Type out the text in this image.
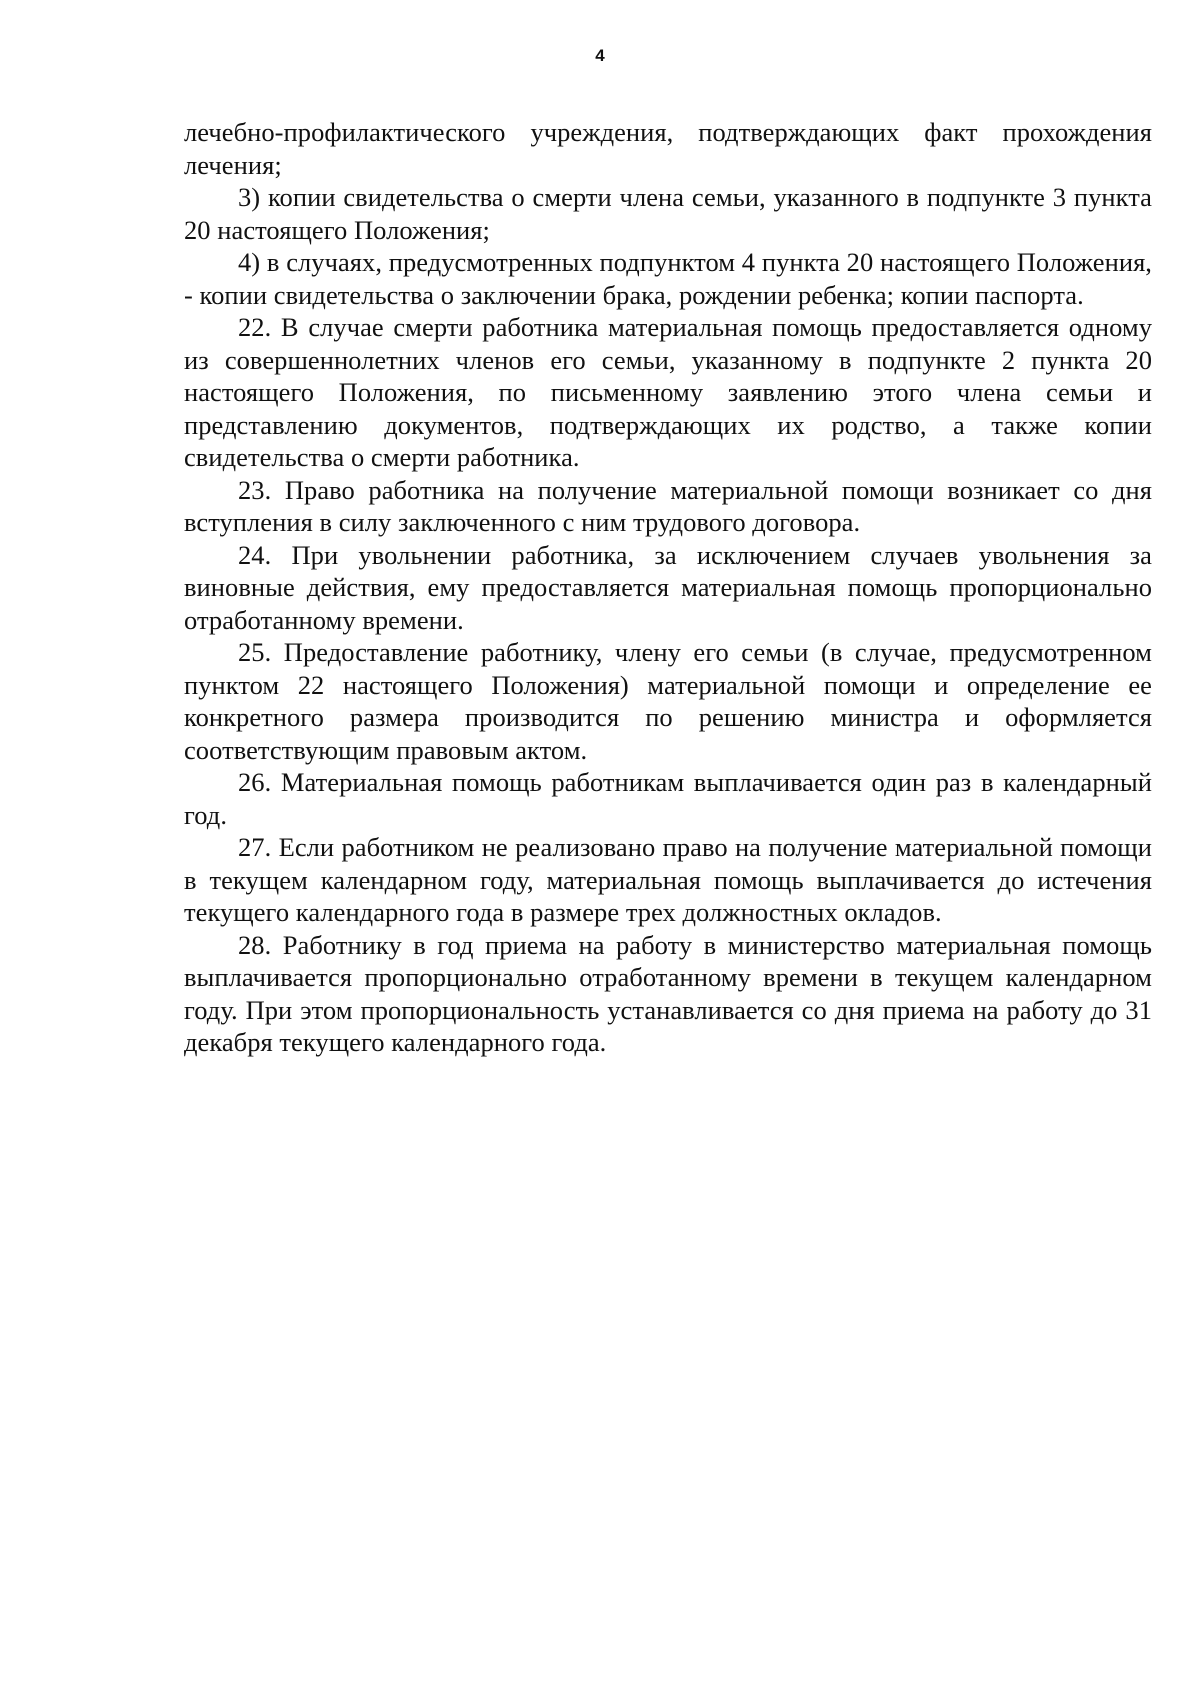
4

лечебно-профилактического учреждения, подтверждающих факт прохождения лечения;

3) копии свидетельства о смерти члена семьи, указанного в подпункте 3 пункта 20 настоящего Положения;

4) в случаях, предусмотренных подпунктом 4 пункта 20 настоящего Положения, - копии свидетельства о заключении брака, рождении ребенка; копии паспорта.

22. В случае смерти работника материальная помощь предоставляется одному из совершеннолетних членов его семьи, указанному в подпункте 2 пункта 20 настоящего Положения, по письменному заявлению этого члена семьи и представлению документов, подтверждающих их родство, а также копии свидетельства о смерти работника.

23. Право работника на получение материальной помощи возникает со дня вступления в силу заключенного с ним трудового договора.

24. При увольнении работника, за исключением случаев увольнения за виновные действия, ему предоставляется материальная помощь пропорционально отработанному времени.

25. Предоставление работнику, члену его семьи (в случае, предусмотренном пунктом 22 настоящего Положения) материальной помощи и определение ее конкретного размера производится по решению министра и оформляется соответствующим правовым актом.

26. Материальная помощь работникам выплачивается один раз в календарный год.

27. Если работником не реализовано право на получение материальной помощи в текущем календарном году, материальная помощь выплачивается до истечения текущего календарного года в размере трех должностных окладов.

28. Работнику в год приема на работу в министерство материальная помощь выплачивается пропорционально отработанному времени в текущем календарном году. При этом пропорциональность устанавливается со дня приема на работу до 31 декабря текущего календарного года.
